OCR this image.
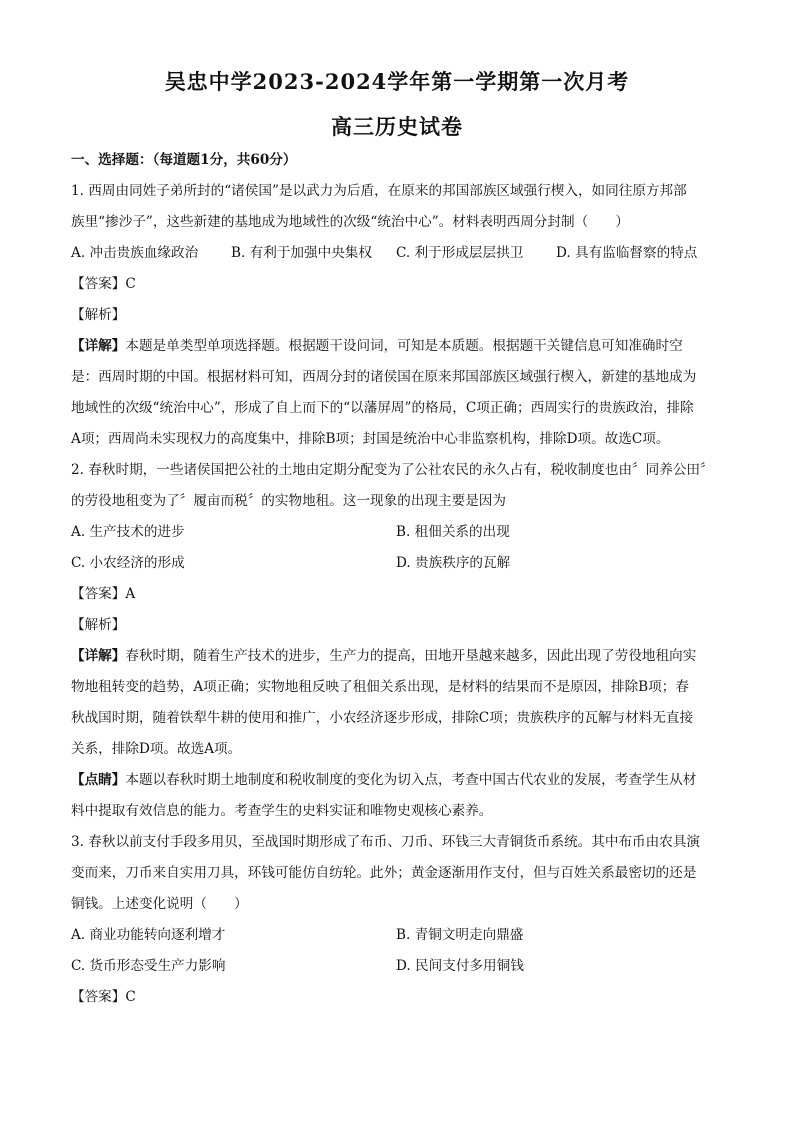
吴忠中学2023-2024学年第一学期第一次月考
高三历史试卷
一、选择题：（每道题1分，共60分）
1. 西周由同姓子弟所封的“诸侯国”是以武力为后盾，在原来的邦国部族区域强行楔入，如同往原方邦部
族里“掺沙子”，这些新建的基地成为地域性的次级“统治中心”。材料表明西周分封制（　　）
A. 冲击贵族血缘政治	B. 有利于加强中央集权	C. 利于形成层层拱卫	D. 具有监临督察的特点
【答案】C
【解析】
【详解】本题是单类型单项选择题。根据题干设问词，可知是本质题。根据题干关键信息可知准确时空
是：西周时期的中国。根据材料可知，西周分封的诸侯国在原来邦国部族区域强行楔入，新建的基地成为
地域性的次级“统治中心”，形成了自上而下的“以藩屏周”的格局，C项正确；西周实行的贵族政治，排除
A项；西周尚未实现权力的高度集中，排除B项；封国是统治中心非监察机构，排除D项。故选C项。
2. 春秋时期，一些诸侯国把公社的土地由定期分配变为了公社农民的永久占有，税收制度也由〞同养公田〞
的劳役地租变为了〞履亩而税〞的实物地租。这一现象的出现主要是因为
A. 生产技术的进步	B. 租佃关系的出现
C. 小农经济的形成	D. 贵族秩序的瓦解
【答案】A
【解析】
【详解】春秋时期，随着生产技术的进步，生产力的提高，田地开垦越来越多，因此出现了劳役地租向实
物地租转变的趋势，A项正确；实物地租反映了租佃关系出现，是材料的结果而不是原因，排除B项；春
秋战国时期，随着铁犁牛耕的使用和推广，小农经济逐步形成，排除C项；贵族秩序的瓦解与材料无直接
关系，排除D项。故选A项。
【点睛】本题以春秋时期土地制度和税收制度的变化为切入点，考查中国古代农业的发展，考查学生从材
料中提取有效信息的能力。考查学生的史料实证和唯物史观核心素养。
3. 春秋以前支付手段多用贝，至战国时期形成了布币、刀币、环钱三大青铜货币系统。其中布币由农具演
变而来，刀币来自实用刀具，环钱可能仿自纺轮。此外；黄金逐渐用作支付，但与百姓关系最密切的还是
铜钱。上述变化说明（　　）
A. 商业功能转向逐利增才	B. 青铜文明走向鼎盛
C. 货币形态受生产力影响	D. 民间支付多用铜钱
【答案】C
